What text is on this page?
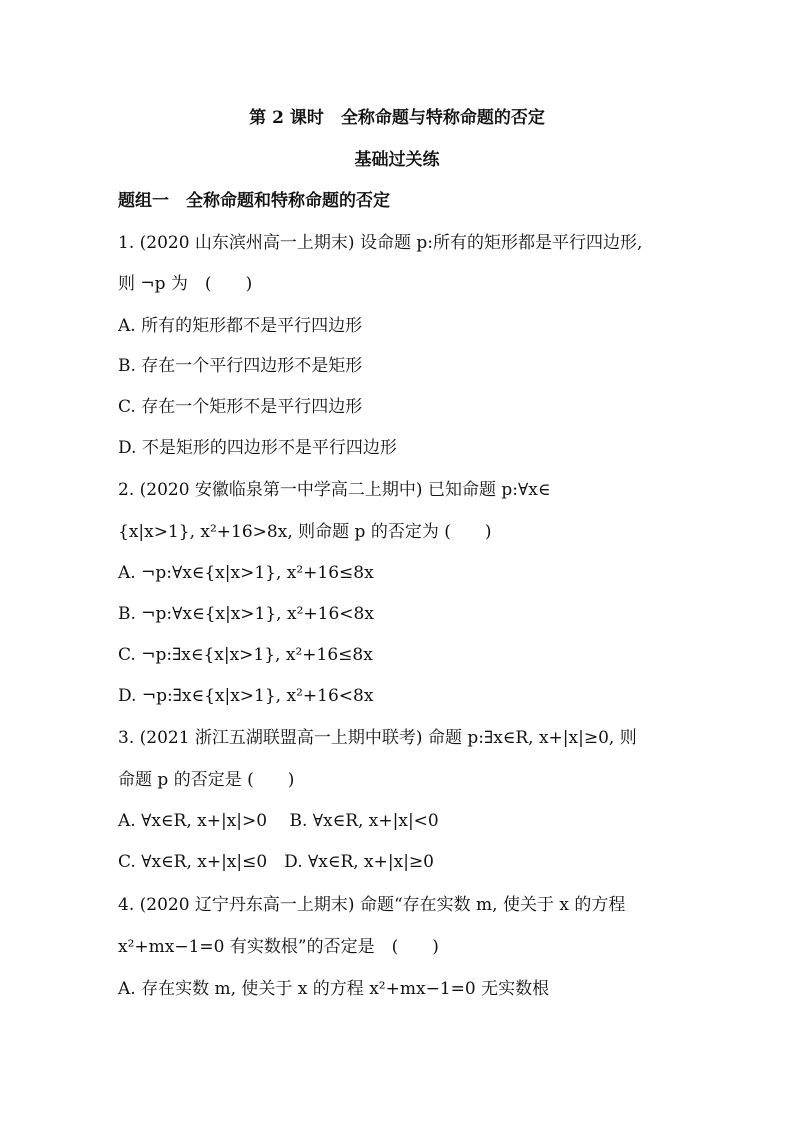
第 2 课时　全称命题与特称命题的否定
基础过关练
题组一　全称命题和特称命题的否定
1. (2020 山东滨州高一上期末) 设命题 p:所有的矩形都是平行四边形,
则 ¬p 为　(　　)
A. 所有的矩形都不是平行四边形
B. 存在一个平行四边形不是矩形
C. 存在一个矩形不是平行四边形
D. 不是矩形的四边形不是平行四边形
2. (2020 安徽临泉第一中学高二上期中) 已知命题 p:∀x∈
{x|x>1}, x²+16>8x, 则命题 p 的否定为 (　　)
A. ¬p:∀x∈{x|x>1}, x²+16≤8x
B. ¬p:∀x∈{x|x>1}, x²+16<8x
C. ¬p:∃x∈{x|x>1}, x²+16≤8x
D. ¬p:∃x∈{x|x>1}, x²+16<8x
3. (2021 浙江五湖联盟高一上期中联考) 命题 p:∃x∈R, x+|x|≥0, 则
命题 p 的否定是 (　　)
A. ∀x∈R, x+|x|>0　 B. ∀x∈R, x+|x|<0
C. ∀x∈R, x+|x|≤0　D. ∀x∈R, x+|x|≥0
4. (2020 辽宁丹东高一上期末) 命题“存在实数 m, 使关于 x 的方程
x²+mx−1=0 有实数根”的否定是　(　　)
A. 存在实数 m, 使关于 x 的方程 x²+mx−1=0 无实数根
